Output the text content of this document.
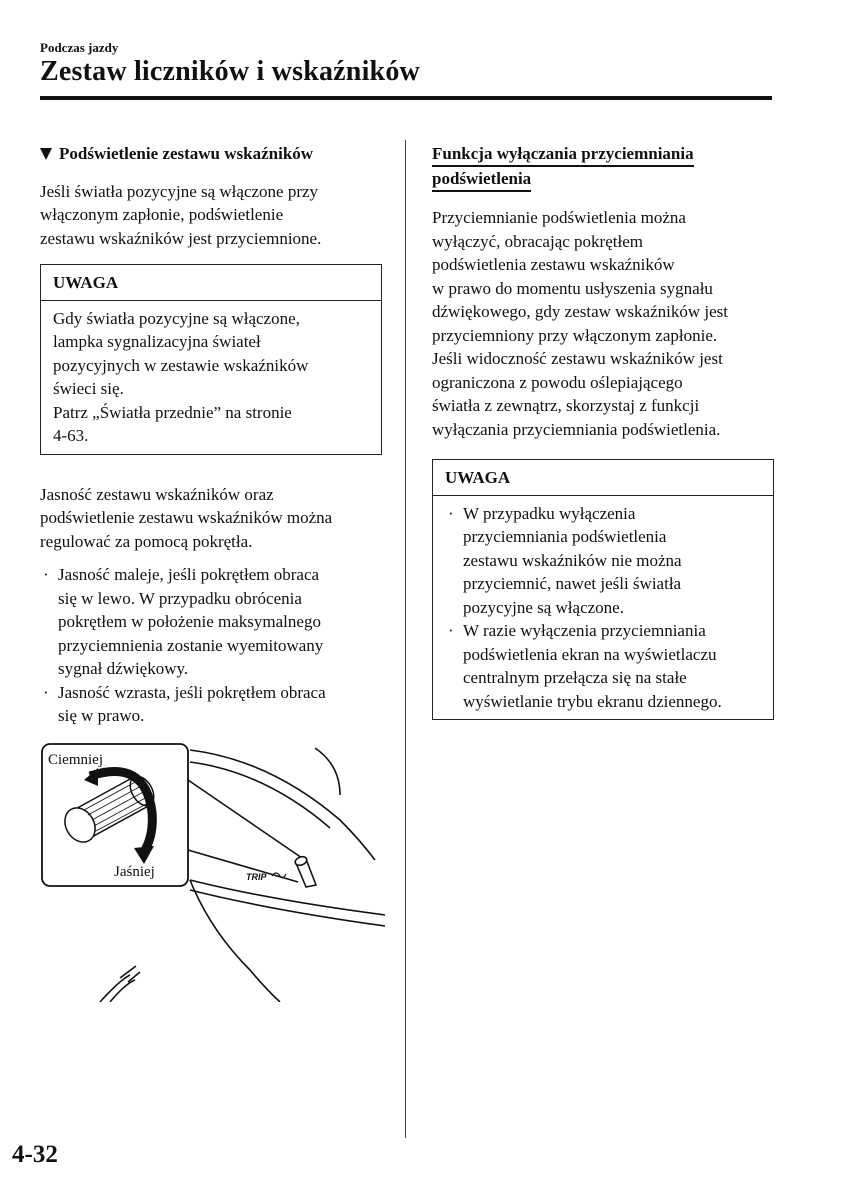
Podczas jazdy
Zestaw liczników i wskaźników
Podświetlenie zestawu wskaźników

Jeśli światła pozycyjne są włączone przy
włączonym zapłonie, podświetlenie
zestawu wskaźników jest przyciemnione.

UWAGA
Gdy światła pozycyjne są włączone,
lampka sygnalizacyjna świateł
pozycyjnych w zestawie wskaźników
świeci się.
Patrz „Światła przednie” na stronie
4-63.

Jasność zestawu wskaźników oraz
podświetlenie zestawu wskaźników można
regulować za pomocą pokrętła.

· Jasność maleje, jeśli pokrętłem obraca
się w lewo. W przypadku obrócenia
pokrętłem w położenie maksymalnego
przyciemnienia zostanie wyemitowany
sygnał dźwiękowy.
· Jasność wzrasta, jeśli pokrętłem obraca
się w prawo.
TRIP
Ciemniej
Jaśniej
Funkcja wyłączania przyciemniania
podświetlenia

Przyciemnianie podświetlenia można
wyłączyć, obracając pokrętłem
podświetlenia zestawu wskaźników
w prawo do momentu usłyszenia sygnału
dźwiękowego, gdy zestaw wskaźników jest
przyciemniony przy włączonym zapłonie.
Jeśli widoczność zestawu wskaźników jest
ograniczona z powodu oślepiającego
światła z zewnątrz, skorzystaj z funkcji
wyłączania przyciemniania podświetlenia.

UWAGA
· W przypadku wyłączenia
przyciemniania podświetlenia
zestawu wskaźników nie można
przyciemnić, nawet jeśli światła
pozycyjne są włączone.
· W razie wyłączenia przyciemniania
podświetlenia ekran na wyświetlaczu
centralnym przełącza się na stałe
wyświetlanie trybu ekranu dziennego.
4-32
